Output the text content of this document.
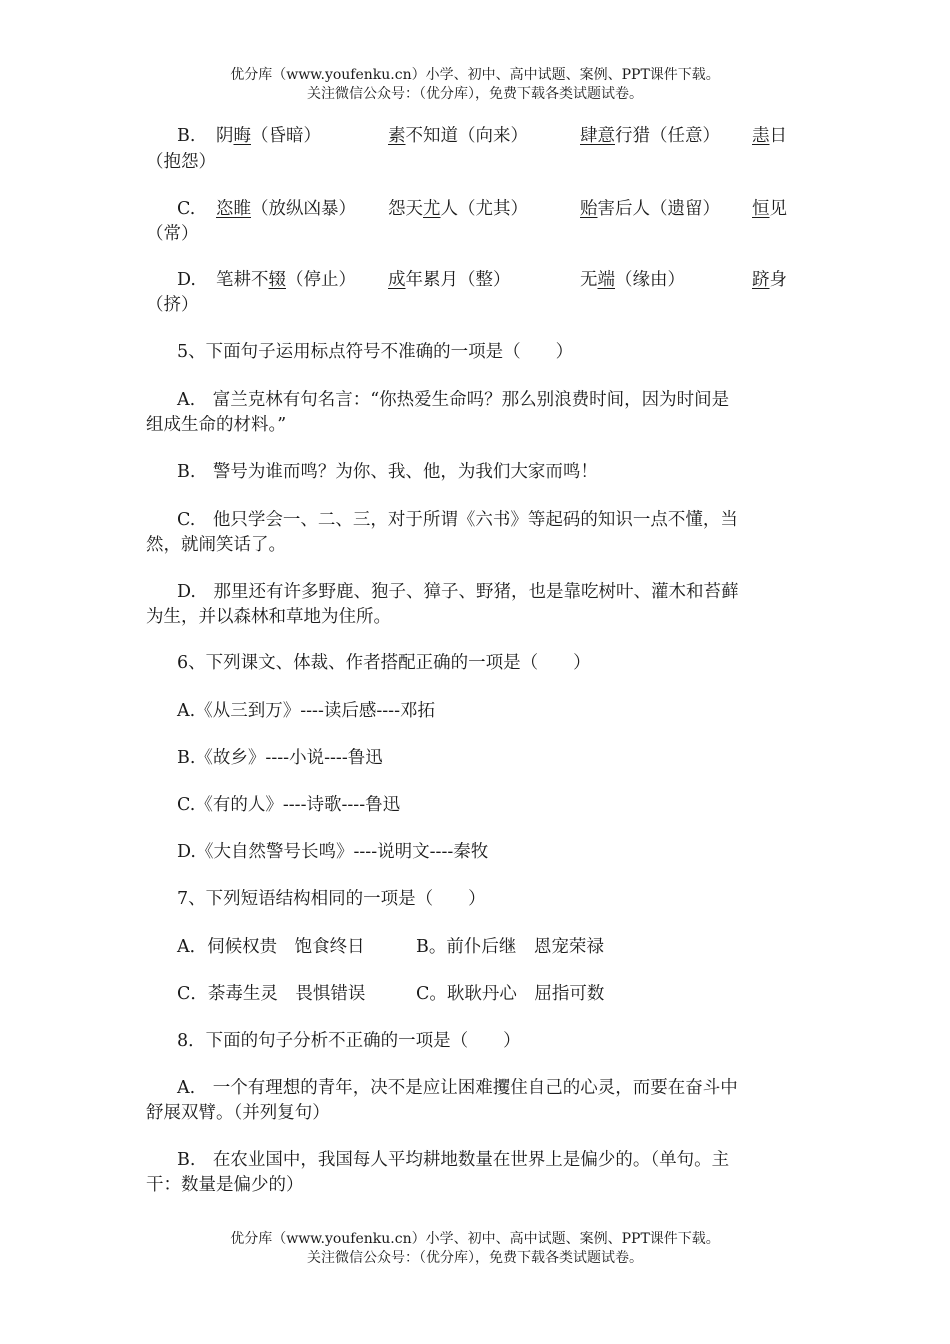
优分库（www.youfenku.cn）小学、初中、高中试题、案例、PPT课件下载。
关注微信公众号：（优分库），免费下载各类试题试卷。
B. 阴晦（昏暗）	素不知道（向来）	肆意行猎（任意） 恚日
（抱怨）
C. 恣睢（放纵凶暴） 怨天尤人（尤其）	贻害后人（遗留） 恒见
（常）
D. 笔耕不辍（停止） 成年累月（整）	无端（缘由）	跻身
（挤）
5、下面句子运用标点符号不准确的一项是（　　）
A.　富兰克林有句名言：“你热爱生命吗？那么别浪费时间，因为时间是
组成生命的材料。”
B.　警号为谁而鸣？为你、我、他，为我们大家而鸣！
C.　他只学会一、二、三，对于所谓《六书》等起码的知识一点不懂，当
然，就闹笑话了。
D.　那里还有许多野鹿、狍子、獐子、野猪，也是靠吃树叶、灌木和苔藓
为生，并以森林和草地为住所。
6、下列课文、体裁、作者搭配正确的一项是（　　）
A.《从三到万》----读后感----邓拓
B.《故乡》----小说----鲁迅
C.《有的人》----诗歌----鲁迅
D.《大自然警号长鸣》----说明文----秦牧
7、下列短语结构相同的一项是（　　）
A．伺候权贵　饱食终日	B。前仆后继　恩宠荣禄
C．荼毒生灵　畏惧错误	C。耿耿丹心　屈指可数
8．下面的句子分析不正确的一项是（　　）
A.　一个有理想的青年，决不是应让困难攫住自己的心灵，而要在奋斗中
舒展双臂。（并列复句）
B.　在农业国中，我国每人平均耕地数量在世界上是偏少的。（单句。主
干：数量是偏少的）
优分库（www.youfenku.cn）小学、初中、高中试题、案例、PPT课件下载。
关注微信公众号：（优分库），免费下载各类试题试卷。
